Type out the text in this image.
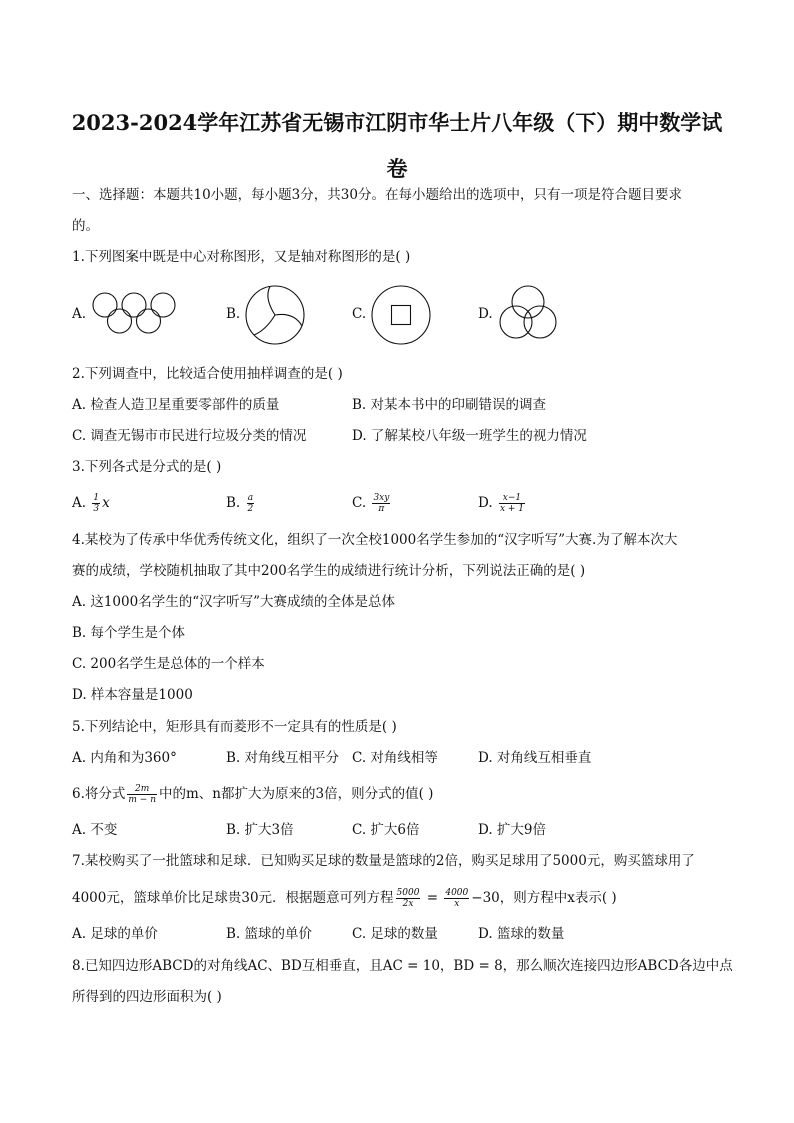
2023-2024学年江苏省无锡市江阴市华士片八年级（下）期中数学试
卷
一、选择题：本题共10小题，每小题3分，共30分。在每小题给出的选项中，只有一项是符合题目要求
的。
1.下列图案中既是中心对称图形，又是轴对称图形的是( )
A.	B.	C.	D.
2.下列调查中，比较适合使用抽样调查的是( )
A. 检查人造卫星重要零部件的质量	B. 对某本书中的印刷错误的调查
C. 调查无锡市市民进行垃圾分类的情况	D. 了解某校八年级一班学生的视力情况
3.下列各式是分式的是( )
A. $\frac{1}{3}$ x	B. $\frac{a}{2}$	C. $\frac{3xy}{\pi}$	D. $\frac{x-1}{x + 1}$
4.某校为了传承中华优秀传统文化，组织了一次全校1000名学生参加的“汉字听写”大赛.为了解本次大
赛的成绩，学校随机抽取了其中200名学生的成绩进行统计分析，下列说法正确的是( )
A. 这1000名学生的“汉字听写”大赛成绩的全体是总体
B. 每个学生是个体
C. 200名学生是总体的一个样本
D. 样本容量是1000
5.下列结论中，矩形具有而菱形不一定具有的性质是( )
A. 内角和为360°	B. 对角线互相平分 C. 对角线相等	D. 对角线互相垂直
6.将分式 $\frac{2m}{m - n}$ 中的m、n都扩大为原来的3倍，则分式的值( )
A. 不变	B. 扩大3倍	C. 扩大6倍	D. 扩大9倍
7.某校购买了一批篮球和足球．已知购买足球的数量是篮球的2倍，购买足球用了5000元，购买篮球用了
4000元，篮球单价比足球贵30元．根据题意可列方程 $\frac{5000}{2x} = \frac{4000}{x} -30$，则方程中x表示( )
A. 足球的单价	B. 篮球的单价	C. 足球的数量	D. 篮球的数量
8.已知四边形ABCD的对角线AC、BD互相垂直，且AC = 10，BD = 8，那么顺次连接四边形ABCD各边中点
所得到的四边形面积为( )
